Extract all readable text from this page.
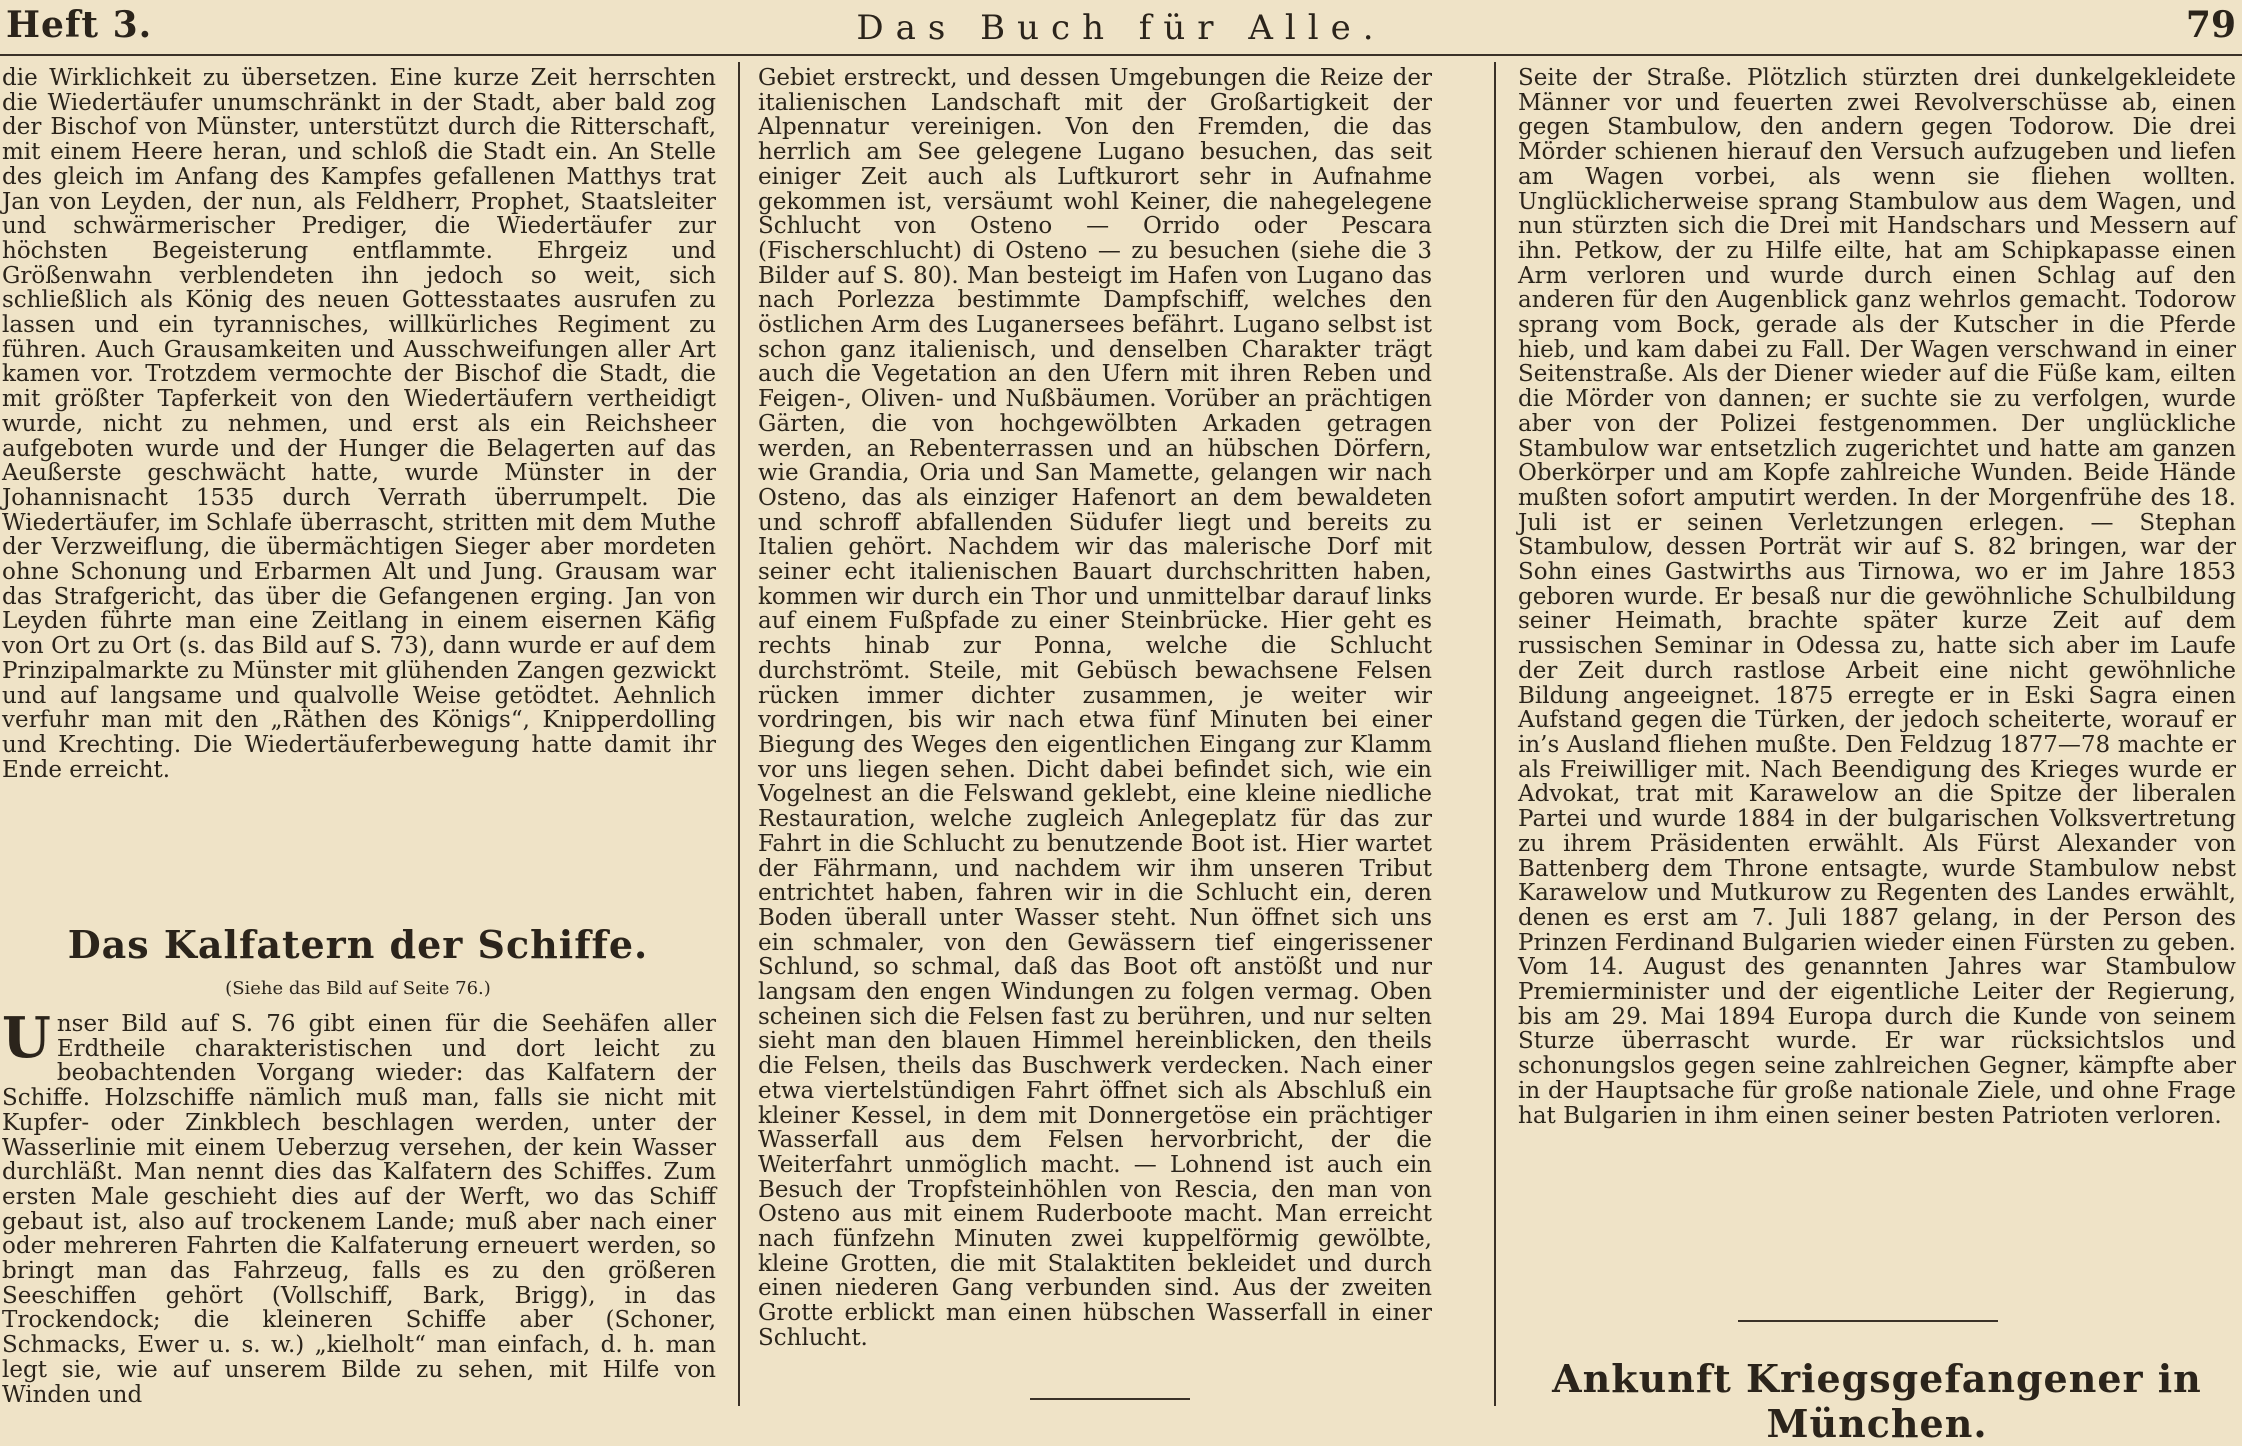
Heft 3.	Das Buch für Alle.	79

die Wirklichkeit zu übersetzen. Eine kurze Zeit herrschten die Wiedertäufer unumschränkt in der Stadt, aber bald zog der Bischof von Münster, unterstützt durch die Ritterschaft, mit einem Heere heran, und schloß die Stadt ein. An Stelle des gleich im Anfang des Kampfes gefallenen Matthys trat Jan von Leyden, der nun, als Feldherr, Prophet, Staatsleiter und schwärmerischer Prediger, die Wiedertäufer zur höchsten Begeisterung entflammte. Ehrgeiz und Größenwahn verblendeten ihn jedoch so weit, sich schließlich als König des neuen Gottesstaates ausrufen zu lassen und ein tyrannisches, willkürliches Regiment zu führen. Auch Grausamkeiten und Ausschweifungen aller Art kamen vor. Trotzdem vermochte der Bischof die Stadt, die mit größter Tapferkeit von den Wiedertäufern vertheidigt wurde, nicht zu nehmen, und erst als ein Reichsheer aufgeboten wurde und der Hunger die Belagerten auf das Aeußerste geschwächt hatte, wurde Münster in der Johannisnacht 1535 durch Verrath überrumpelt. Die Wiedertäufer, im Schlafe überrascht, stritten mit dem Muthe der Verzweiflung, die übermächtigen Sieger aber mordeten ohne Schonung und Erbarmen Alt und Jung. Grausam war das Strafgericht, das über die Gefangenen erging. Jan von Leyden führte man eine Zeitlang in einem eisernen Käfig von Ort zu Ort (s. das Bild auf S. 73), dann wurde er auf dem Prinzipalmarkte zu Münster mit glühenden Zangen gezwickt und auf langsame und qualvolle Weise getödtet. Aehnlich verfuhr man mit den „Räthen des Königs“, Knipperdolling und Krechting. Die Wiedertäuferbewegung hatte damit ihr Ende erreicht.

Das Kalfatern der Schiffe.
(Siehe das Bild auf Seite 76.)

Unser Bild auf S. 76 gibt einen für die Seehäfen aller Erdtheile charakteristischen und dort leicht zu beobachtenden Vorgang wieder: das Kalfatern der Schiffe. Holzschiffe nämlich muß man, falls sie nicht mit Kupfer- oder Zinkblech beschlagen werden, unter der Wasserlinie mit einem Ueberzug versehen, der kein Wasser durchläßt. Man nennt dies das Kalfatern des Schiffes. Zum ersten Male geschieht dies auf der Werft, wo das Schiff gebaut ist, also auf trockenem Lande; muß aber nach einer oder mehreren Fahrten die Kalfaterung erneuert werden, so bringt man das Fahrzeug, falls es zu den größeren Seeschiffen gehört (Vollschiff, Bark, Brigg), in das Trockendock; die kleineren Schiffe aber (Schoner, Schmacks, Ewer u. s. w.) „kielholt“ man einfach, d. h. man legt sie, wie auf unserem Bilde zu sehen, mit Hilfe von Winden und

Gebiet erstreckt, und dessen Umgebungen die Reize der italienischen Landschaft mit der Großartigkeit der Alpennatur vereinigen. Von den Fremden, die das herrlich am See gelegene Lugano besuchen, das seit einiger Zeit auch als Luftkurort sehr in Aufnahme gekommen ist, versäumt wohl Keiner, die nahegelegene Schlucht von Osteno — Orrido oder Pescara (Fischerschlucht) di Osteno — zu besuchen (siehe die 3 Bilder auf S. 80). Man besteigt im Hafen von Lugano das nach Porlezza bestimmte Dampfschiff, welches den östlichen Arm des Luganersees befährt. Lugano selbst ist schon ganz italienisch, und denselben Charakter trägt auch die Vegetation an den Ufern mit ihren Reben und Feigen-, Oliven- und Nußbäumen. Vorüber an prächtigen Gärten, die von hochgewölbten Arkaden getragen werden, an Rebenterrassen und an hübschen Dörfern, wie Grandia, Oria und San Mamette, gelangen wir nach Osteno, das als einziger Hafenort an dem bewaldeten und schroff abfallenden Südufer liegt und bereits zu Italien gehört. Nachdem wir das malerische Dorf mit seiner echt italienischen Bauart durchschritten haben, kommen wir durch ein Thor und unmittelbar darauf links auf einem Fußpfade zu einer Steinbrücke. Hier geht es rechts hinab zur Ponna, welche die Schlucht durchströmt. Steile, mit Gebüsch bewachsene Felsen rücken immer dichter zusammen, je weiter wir vordringen, bis wir nach etwa fünf Minuten bei einer Biegung des Weges den eigentlichen Eingang zur Klamm vor uns liegen sehen. Dicht dabei befindet sich, wie ein Vogelnest an die Felswand geklebt, eine kleine niedliche Restauration, welche zugleich Anlegeplatz für das zur Fahrt in die Schlucht zu benutzende Boot ist. Hier wartet der Fährmann, und nachdem wir ihm unseren Tribut entrichtet haben, fahren wir in die Schlucht ein, deren Boden überall unter Wasser steht. Nun öffnet sich uns ein schmaler, von den Gewässern tief eingerissener Schlund, so schmal, daß das Boot oft anstößt und nur langsam den engen Windungen zu folgen vermag. Oben scheinen sich die Felsen fast zu berühren, und nur selten sieht man den blauen Himmel hereinblicken, den theils die Felsen, theils das Buschwerk verdecken. Nach einer etwa viertelstündigen Fahrt öffnet sich als Abschluß ein kleiner Kessel, in dem mit Donnergetöse ein prächtiger Wasserfall aus dem Felsen hervorbricht, der die Weiterfahrt unmöglich macht. — Lohnend ist auch ein Besuch der Tropfsteinhöhlen von Rescia, den man von Osteno aus mit einem Ruderboote macht. Man erreicht nach fünfzehn Minuten zwei kuppelförmig gewölbte, kleine Grotten, die mit Stalaktiten bekleidet und durch einen niederen Gang verbunden sind. Aus der zweiten Grotte erblickt man einen hübschen Wasserfall in einer Schlucht.

Seite der Straße. Plötzlich stürzten drei dunkelgekleidete Männer vor und feuerten zwei Revolverschüsse ab, einen gegen Stambulow, den andern gegen Todorow. Die drei Mörder schienen hierauf den Versuch aufzugeben und liefen am Wagen vorbei, als wenn sie fliehen wollten. Unglücklicherweise sprang Stambulow aus dem Wagen, und nun stürzten sich die Drei mit Handschars und Messern auf ihn. Petkow, der zu Hilfe eilte, hat am Schipkapasse einen Arm verloren und wurde durch einen Schlag auf den anderen für den Augenblick ganz wehrlos gemacht. Todorow sprang vom Bock, gerade als der Kutscher in die Pferde hieb, und kam dabei zu Fall. Der Wagen verschwand in einer Seitenstraße. Als der Diener wieder auf die Füße kam, eilten die Mörder von dannen; er suchte sie zu verfolgen, wurde aber von der Polizei festgenommen. Der unglückliche Stambulow war entsetzlich zugerichtet und hatte am ganzen Oberkörper und am Kopfe zahlreiche Wunden. Beide Hände mußten sofort amputirt werden. In der Morgenfrühe des 18. Juli ist er seinen Verletzungen erlegen. — Stephan Stambulow, dessen Porträt wir auf S. 82 bringen, war der Sohn eines Gastwirths aus Tirnowa, wo er im Jahre 1853 geboren wurde. Er besaß nur die gewöhnliche Schulbildung seiner Heimath, brachte später kurze Zeit auf dem russischen Seminar in Odessa zu, hatte sich aber im Laufe der Zeit durch rastlose Arbeit eine nicht gewöhnliche Bildung angeeignet. 1875 erregte er in Eski Sagra einen Aufstand gegen die Türken, der jedoch scheiterte, worauf er in’s Ausland fliehen mußte. Den Feldzug 1877—78 machte er als Freiwilliger mit. Nach Beendigung des Krieges wurde er Advokat, trat mit Karawelow an die Spitze der liberalen Partei und wurde 1884 in der bulgarischen Volksvertretung zu ihrem Präsidenten erwählt. Als Fürst Alexander von Battenberg dem Throne entsagte, wurde Stambulow nebst Karawelow und Mutkurow zu Regenten des Landes erwählt, denen es erst am 7. Juli 1887 gelang, in der Person des Prinzen Ferdinand Bulgarien wieder einen Fürsten zu geben. Vom 14. August des genannten Jahres war Stambulow Premierminister und der eigentliche Leiter der Regierung, bis am 29. Mai 1894 Europa durch die Kunde von seinem Sturze überrascht wurde. Er war rücksichtslos und schonungslos gegen seine zahlreichen Gegner, kämpfte aber in der Hauptsache für große nationale Ziele, und ohne Frage hat Bulgarien in ihm einen seiner besten Patrioten verloren.

Ankunft Kriegsgefangener in München.
